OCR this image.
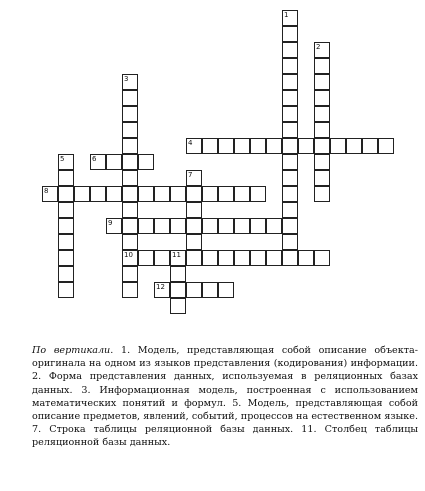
1
2
3
4
5	6
7
8
9
10	11
12
По вертикали. 1. Модель, представляющая собой описание объекта-оригинала на одном из языков представления (кодирования) информации. 2. Форма представления данных, используемая в реляционных базах данных. 3. Информационная модель, построенная с использованием математических понятий и формул. 5. Модель, представляющая собой описание предметов, явлений, событий, процессов на естественном языке. 7. Строка таблицы реляционной базы данных. 11. Столбец таблицы реляционной базы данных.
